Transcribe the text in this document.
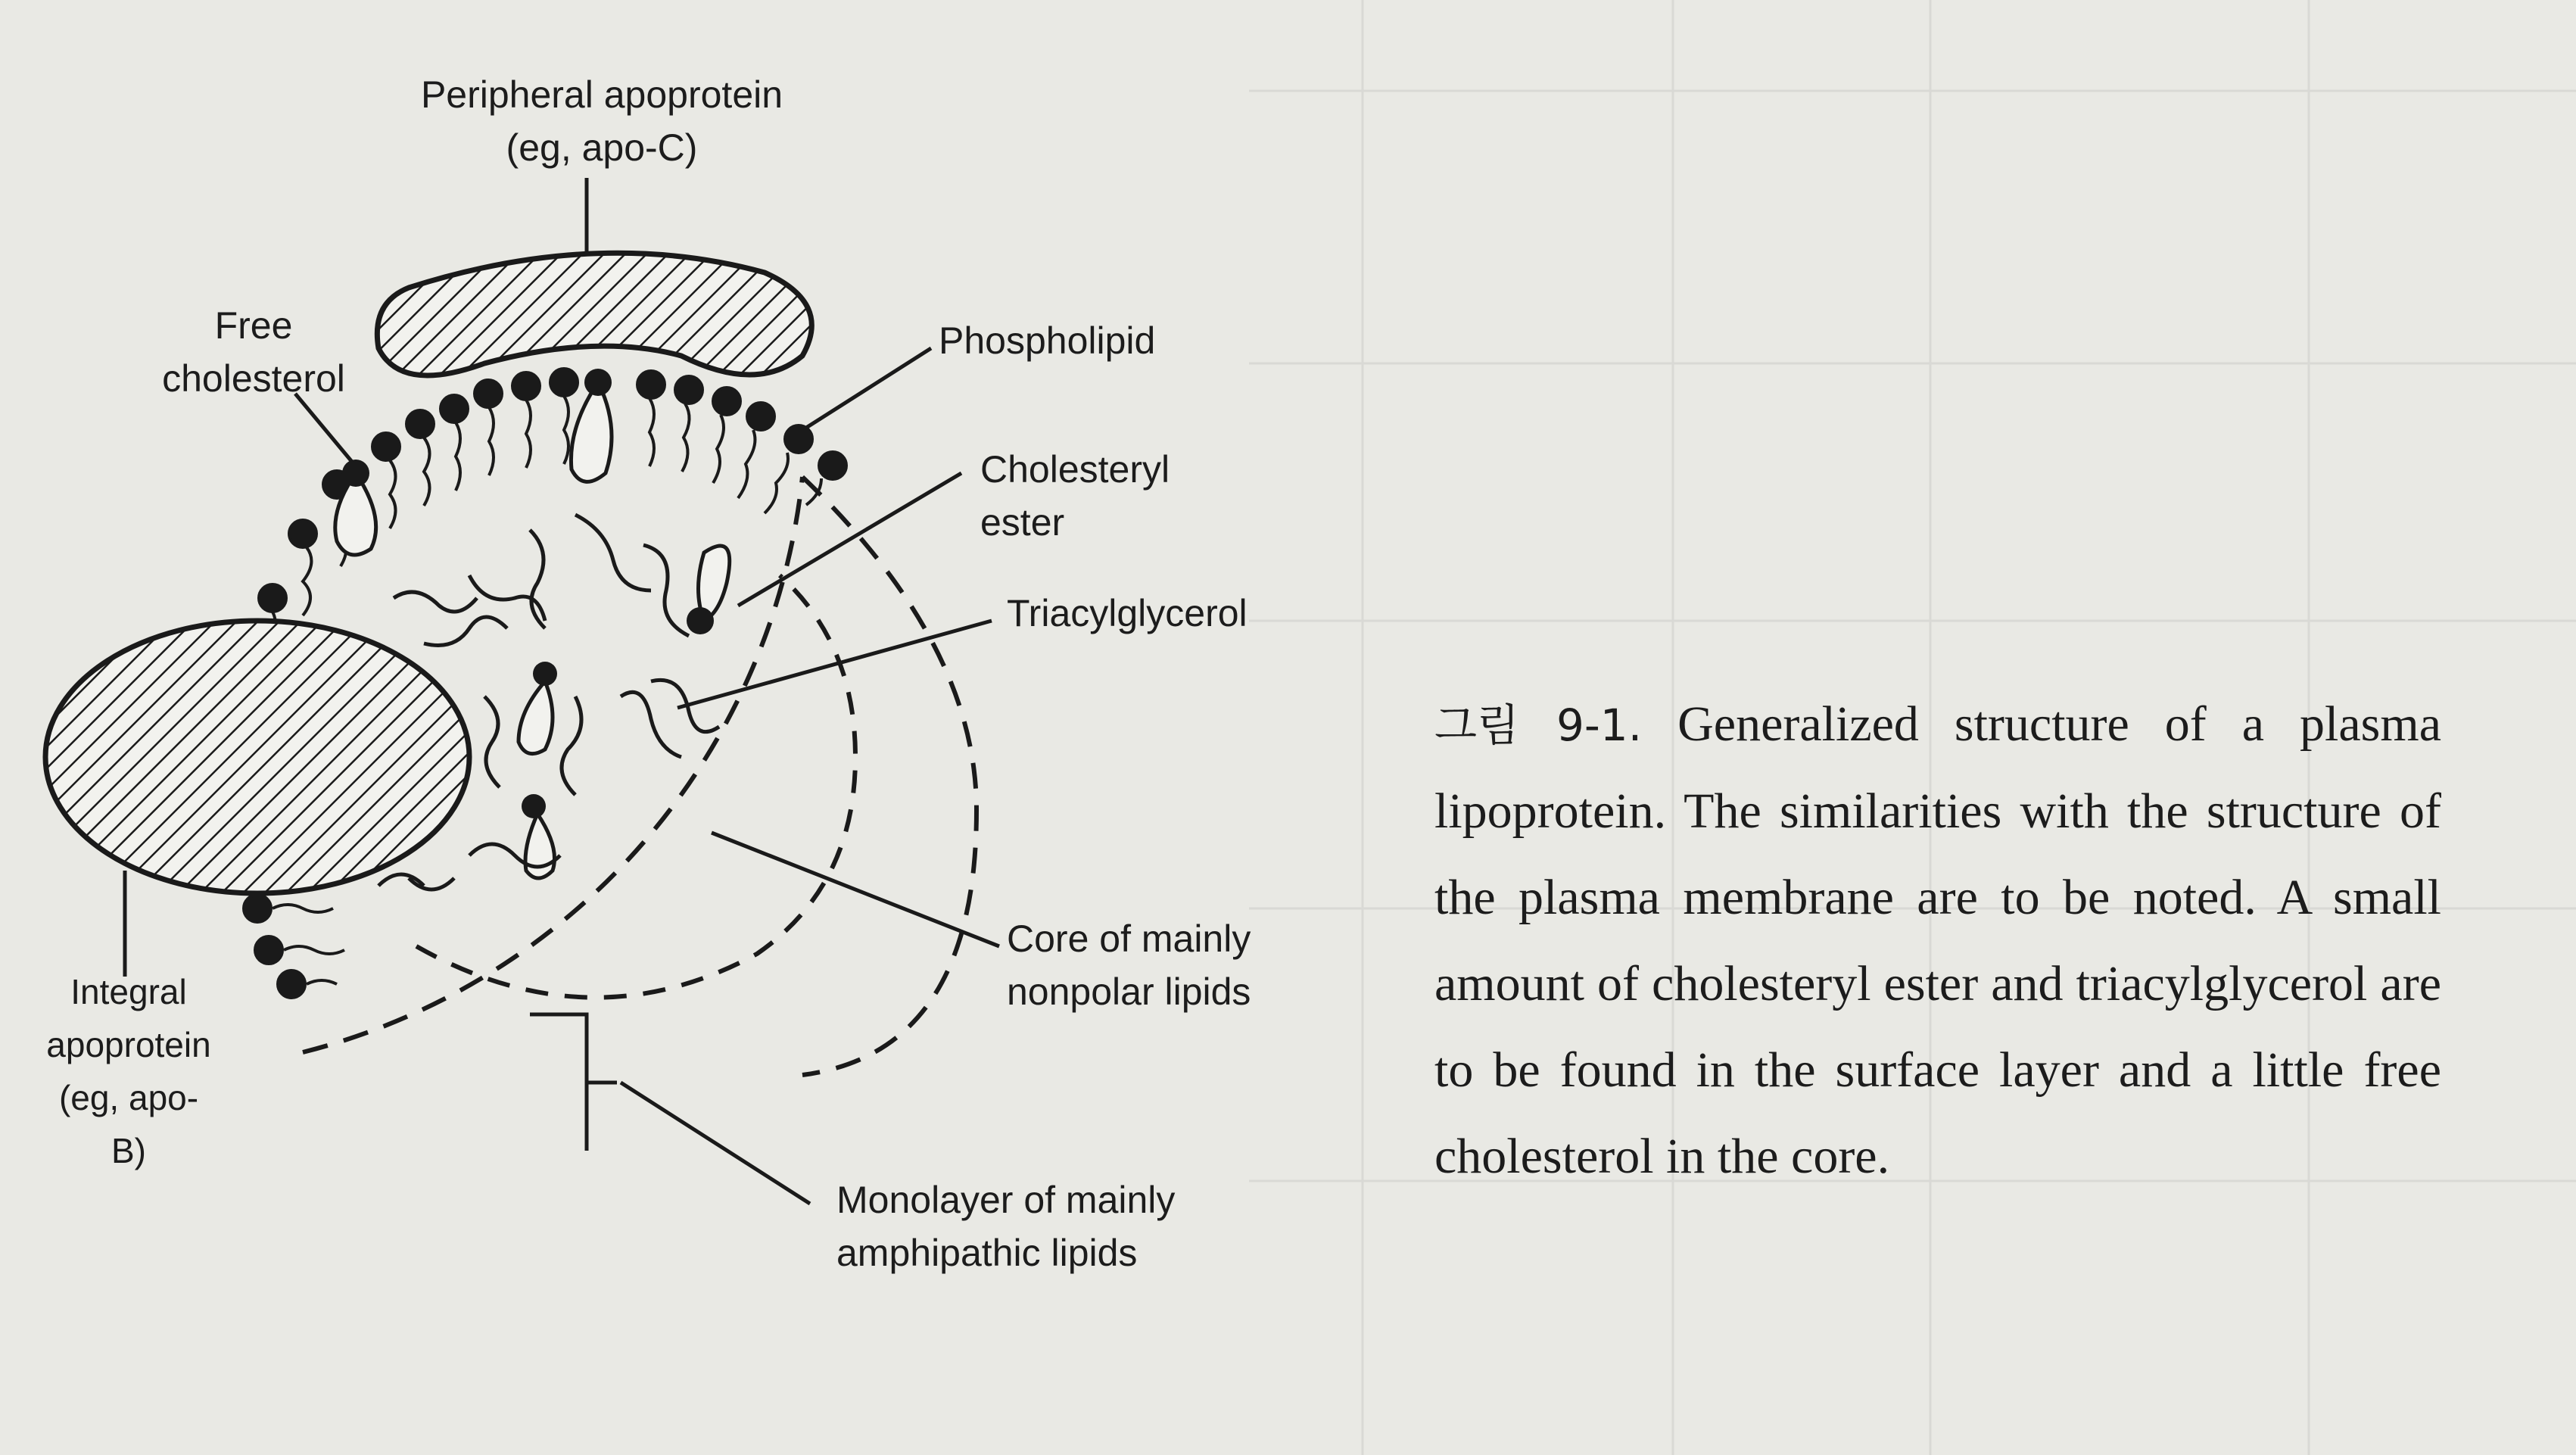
Peripheral apoprotein
(eg, apo-C)
Free
cholesterol
Phospholipid
Cholesteryl
ester
Triacylglycerol
Core of mainly
nonpolar lipids
Integral
apoprotein
(eg, apo-B)
Monolayer of mainly
amphipathic lipids
그림 9-1. Generalized structure of a plasma lipoprotein. The similarities with the structure of the plasma membrane are to be noted. A small amount of cholesteryl ester and triacylglycerol are to be found in the surface layer and a little free cholesterol in the core.
